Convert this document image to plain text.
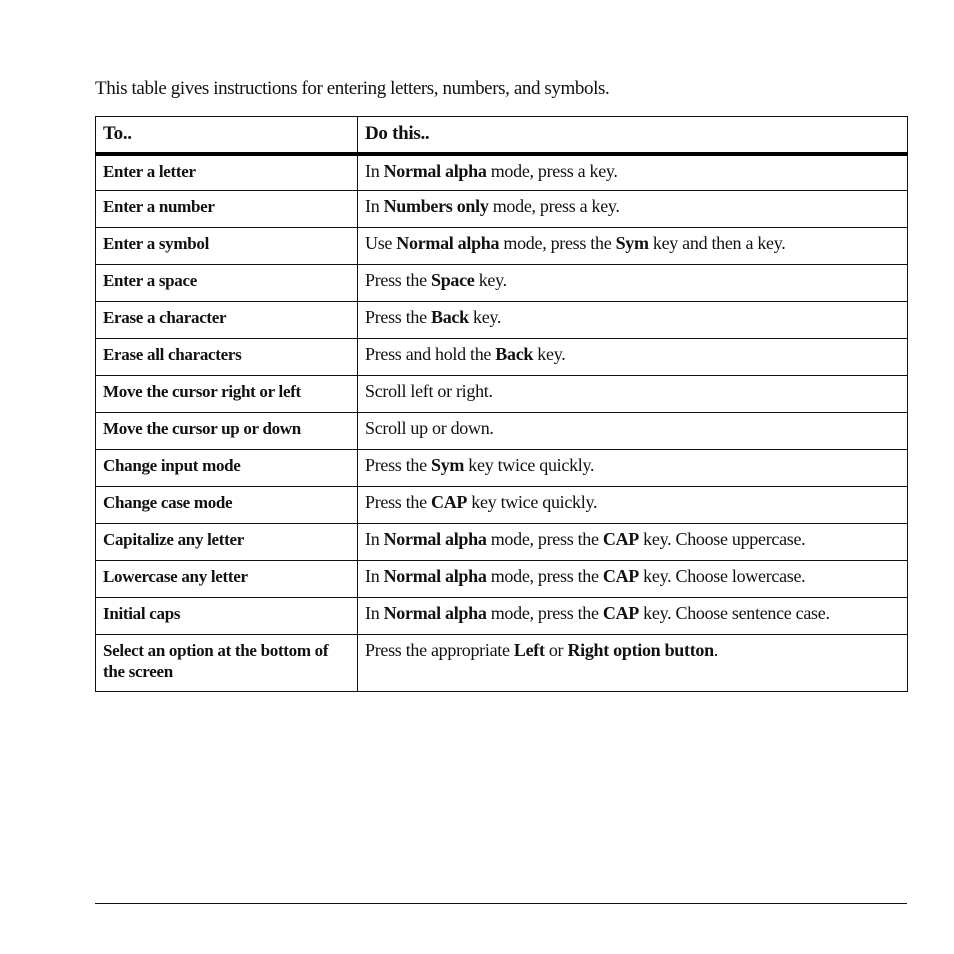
This table gives instructions for entering letters, numbers, and symbols.
To..	Do this..
Enter a letter	In Normal alpha mode, press a key.
Enter a number	In Numbers only mode, press a key.
Enter a symbol	Use Normal alpha mode, press the Sym key and then a key.
Enter a space	Press the Space key.
Erase a character	Press the Back key.
Erase all characters	Press and hold the Back key.
Move the cursor right or left	Scroll left or right.
Move the cursor up or down	Scroll up or down.
Change input mode	Press the Sym key twice quickly.
Change case mode	Press the CAP key twice quickly.
Capitalize any letter	In Normal alpha mode, press the CAP key. Choose uppercase.
Lowercase any letter	In Normal alpha mode, press the CAP key. Choose lowercase.
Initial caps	In Normal alpha mode, press the CAP key. Choose sentence case.
Select an option at the bottom of the screen	Press the appropriate Left or Right option button.
